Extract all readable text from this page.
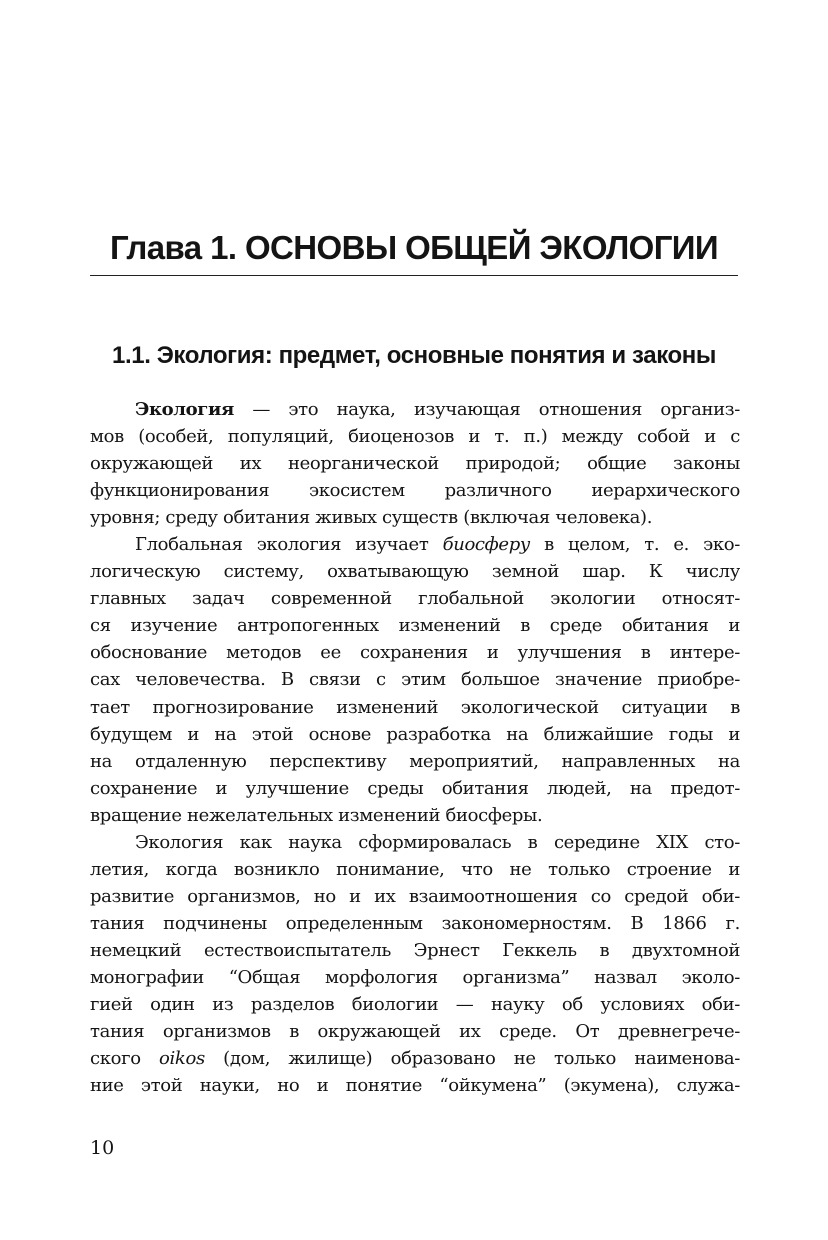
Глава 1. ОСНОВЫ ОБЩЕЙ ЭКОЛОГИИ
1.1. Экология: предмет, основные понятия и законы
Экология — это наука, изучающая отношения организ-
мов (особей, популяций, биоценозов и т. п.) между собой и с
окружающей их неорганической природой; общие законы
функционирования экосистем различного иерархического
уровня; среду обитания живых существ (включая человека).
Глобальная экология изучает биосферу в целом, т. е. эко-
логическую систему, охватывающую земной шар. К числу
главных задач современной глобальной экологии относят-
ся изучение антропогенных изменений в среде обитания и
обоснование методов ее сохранения и улучшения в интере-
сах человечества. В связи с этим большое значение приобре-
тает прогнозирование изменений экологической ситуации в
будущем и на этой основе разработка на ближайшие годы и
на отдаленную перспективу мероприятий, направленных на
сохранение и улучшение среды обитания людей, на предот-
вращение нежелательных изменений биосферы.
Экология как наука сформировалась в середине XIX сто-
летия, когда возникло понимание, что не только строение и
развитие организмов, но и их взаимоотношения со средой оби-
тания подчинены определенным закономерностям. В 1866 г.
немецкий естествоиспытатель Эрнест Геккель в двухтомной
монографии “Общая морфология организма” назвал эколо-
гией один из разделов биологии — науку об условиях оби-
тания организмов в окружающей их среде. От древнегрече-
ского oikos (дом, жилище) образовано не только наименова-
ние этой науки, но и понятие “ойкумена” (экумена), служа-
10
